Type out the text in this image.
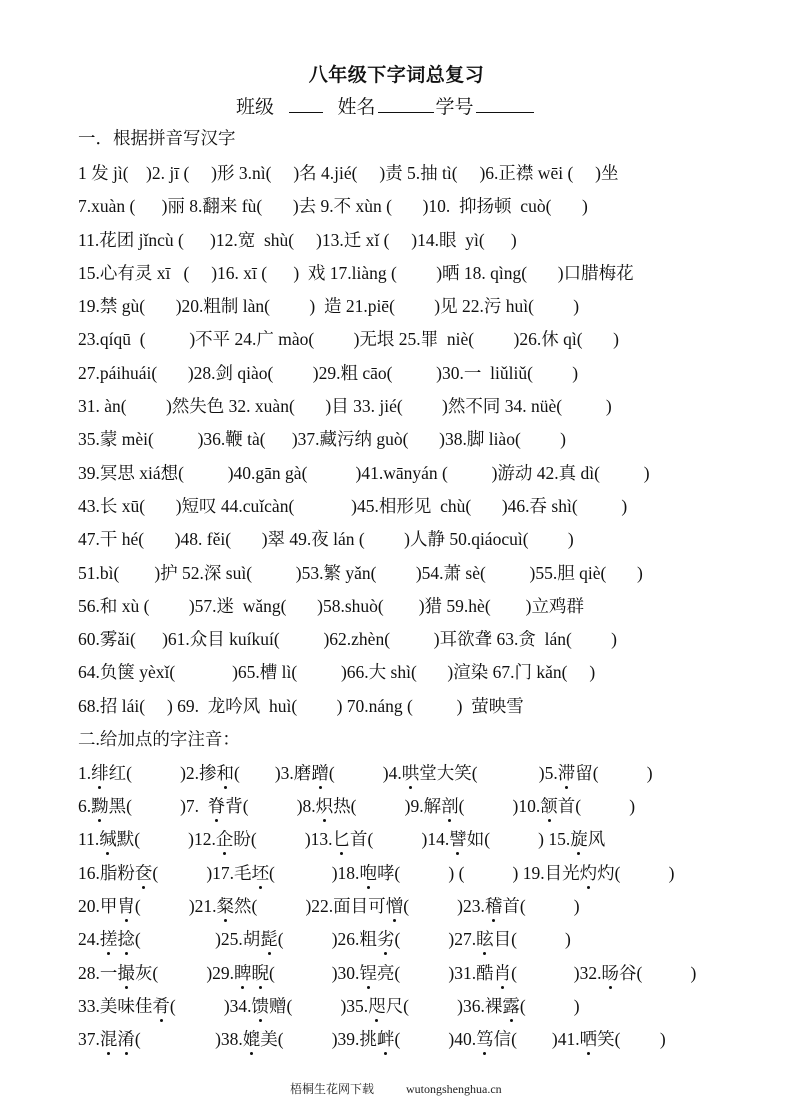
八年级下字词总复习
班级	姓名	学号
一．根据拼音写汉字
1 发 jì(    )2. jī (     )形 3.nì(     )名 4.jié(     )责 5.抽 tì(     )6.正襟 wēi (     )坐
7.xuàn (      )丽 8.翻来 fù(       )去 9.不 xùn (       )10.  抑扬顿  cuò(       )
11.花团 jǐncù (      )12.宽  shù(     )13.迁 xǐ (     )14.眼  yì(      )
15.心有灵 xī   (     )16. xī (      )  戏 17.liàng (         )晒 18. qìng(       )口腊梅花
19.禁 gù(       )20.粗制 làn(         )  造 21.piē(         )见 22.污 huì(         )
23.qíqū  (          )不平 24.广 mào(         )无垠 25.罪  niè(         )26.休 qì(       )
27.páihuái(       )28.剑 qiào(         )29.粗 cāo(          )30.一  liǔliǔ(         )
31. àn(         )然失色 32. xuàn(       )目 33. jié(         )然不同 34. nüè(          )
35.蒙 mèi(          )36.鞭 tà(      )37.藏污纳 guò(       )38.脚 liào(         )
39.冥思 xiá想(          )40.gān gà(           )41.wānyán (          )游动 42.真 dì(          )
43.长 xū(       )短叹 44.cuǐcàn(             )45.相形见  chù(       )46.吞 shì(          )
47.干 hé(       )48. fěi(       )翠 49.夜 lán (         )人静 50.qiáocuì(         )
51.bì(        )护 52.深 suì(          )53.繁 yǎn(         )54.萧 sè(          )55.胆 qiè(       )
56.和 xù (         )57.迷  wǎng(       )58.shuò(        )猎 59.hè(        )立鸡群
60.雾ǎi(      )61.众目 kuíkuí(          )62.zhèn(          )耳欲聋 63.贪  lán(         )
64.负箧 yèxǐ(             )65.槽 lì(          )66.大 shì(       )渲染 67.门 kǎn(     )
68.招 lái(     ) 69.  龙吟风  huì(         ) 70.náng (          )  萤映雪
二.给加点的字注音：
1.绯红(           )2.掺和(        )3.磨蹭(           )4.哄堂大笑(              )5.滞留(           )
6.黝黑(           )7.  脊背(           )8.炽热(           )9.解剖(           )10.颔首(           )
11.缄默(           )12.企盼(           )13.匕首(           )14.譬如(           ) 15.旋风
16.脂粉奁(           )17.毛坯(             )18.咆哮(           ) (           ) 19.目光灼灼(           )
20.甲胄(           )21.粲然(           )22.面目可憎(           )23.稽首(           )
24.搓捻(                 )25.胡髭(           )26.粗劣(           )27.眩目(           )
28.一撮灰(           )29.睥睨(             )30.锃亮(           )31.酷肖(             )32.旸谷(           )
33.美味佳肴(           )34.馈赠(           )35.咫尺(           )36.裸露(           )
37.混淆(                 )38.媲美(           )39.挑衅(           )40.笃信(        )41.哂笑(         )
梧桐生花网下载	wutongshenghua.cn
